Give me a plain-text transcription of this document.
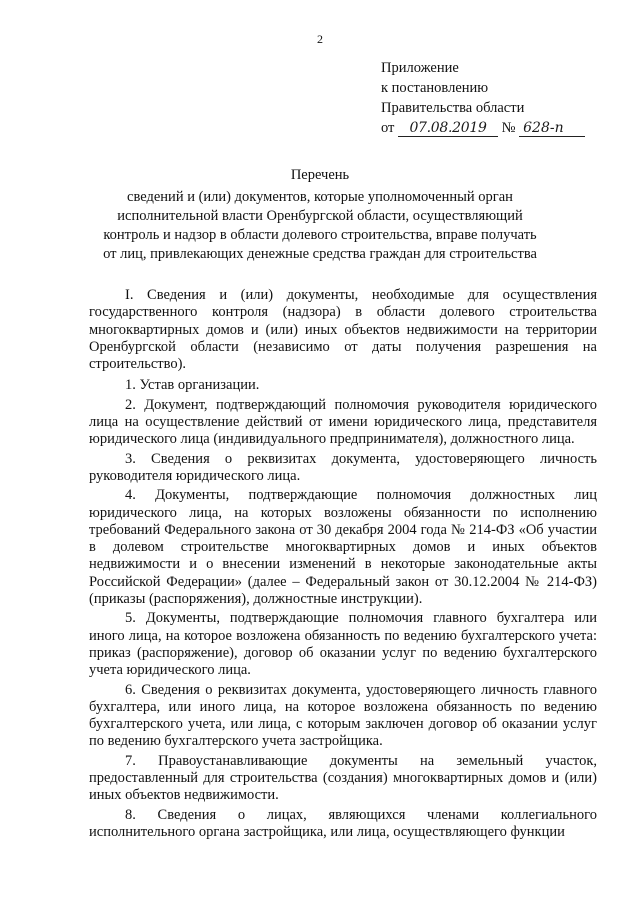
2
Приложение
к постановлению
Правительства области
от 07.08.2019 № 628-п
Перечень
сведений и (или) документов, которые уполномоченный орган исполнительной власти Оренбургской области, осуществляющий контроль и надзор в области долевого строительства, вправе получать от лиц, привлекающих денежные средства граждан для строительства

I. Сведения и (или) документы, необходимые для осуществления государственного контроля (надзора) в области долевого строительства многоквартирных домов и (или) иных объектов недвижимости на территории Оренбургской области (независимо от даты получения разрешения на строительство).

1. Устав организации.

2. Документ, подтверждающий полномочия руководителя юридического лица на осуществление действий от имени юридического лица, представителя юридического лица (индивидуального предпринимателя), должностного лица.

3. Сведения о реквизитах документа, удостоверяющего личность руководителя юридического лица.

4. Документы, подтверждающие полномочия должностных лиц юридического лица, на которых возложены обязанности по исполнению требований Федерального закона от 30 декабря 2004 года № 214-ФЗ «Об участии в долевом строительстве многоквартирных домов и иных объектов недвижимости и о внесении изменений в некоторые законодательные акты Российской Федерации» (далее – Федеральный закон от 30.12.2004 № 214-ФЗ) (приказы (распоряжения), должностные инструкции).

5. Документы, подтверждающие полномочия главного бухгалтера или иного лица, на которое возложена обязанность по ведению бухгалтерского учета: приказ (распоряжение), договор об оказании услуг по ведению бухгалтерского учета юридического лица.

6. Сведения о реквизитах документа, удостоверяющего личность главного бухгалтера, или иного лица, на которое возложена обязанность по ведению бухгалтерского учета, или лица, с которым заключен договор об оказании услуг по ведению бухгалтерского учета застройщика.

7. Правоустанавливающие документы на земельный участок, предоставленный для строительства (создания) многоквартирных домов и (или) иных объектов недвижимости.

8. Сведения о лицах, являющихся членами коллегиального исполнительного органа застройщика, или лица, осуществляющего функции
